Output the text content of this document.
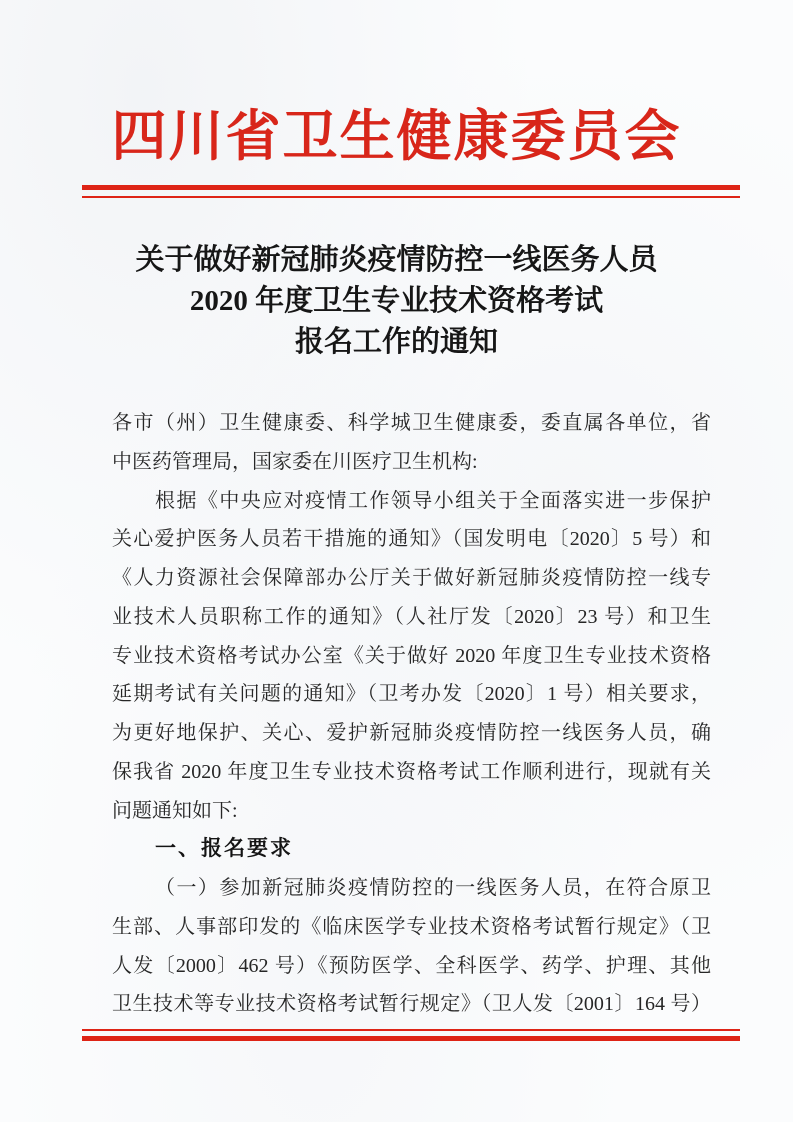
四川省卫生健康委员会
关于做好新冠肺炎疫情防控一线医务人员
2020 年度卫生专业技术资格考试
报名工作的通知
各市（州）卫生健康委、科学城卫生健康委，委直属各单位，省
中医药管理局，国家委在川医疗卫生机构:
根据《中央应对疫情工作领导小组关于全面落实进一步保护
关心爱护医务人员若干措施的通知》（国发明电〔2020〕5 号）和
《人力资源社会保障部办公厅关于做好新冠肺炎疫情防控一线专
业技术人员职称工作的通知》（人社厅发〔2020〕23 号）和卫生
专业技术资格考试办公室《关于做好 2020 年度卫生专业技术资格
延期考试有关问题的通知》（卫考办发〔2020〕1 号）相关要求，
为更好地保护、关心、爱护新冠肺炎疫情防控一线医务人员，确
保我省 2020 年度卫生专业技术资格考试工作顺利进行，现就有关
问题通知如下:
一、报名要求
（一）参加新冠肺炎疫情防控的一线医务人员，在符合原卫
生部、人事部印发的《临床医学专业技术资格考试暂行规定》（卫
人发〔2000〕462 号）《预防医学、全科医学、药学、护理、其他
卫生技术等专业技术资格考试暂行规定》（卫人发〔2001〕164 号）
